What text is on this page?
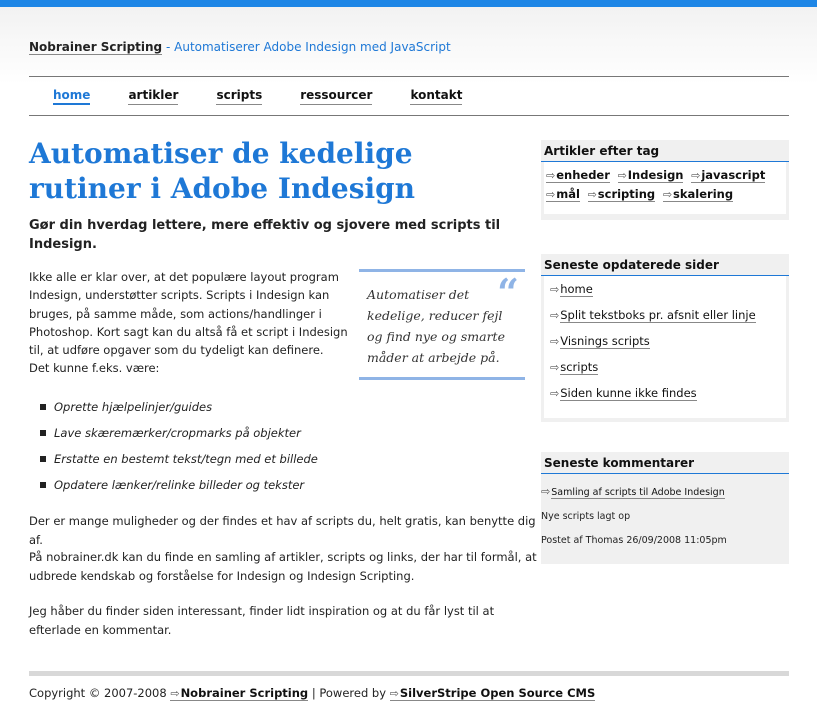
Nobrainer Scripting - Automatiserer Adobe Indesign med JavaScript
home	artikler	scripts	ressourcer	kontakt
Automatiser de kedelige rutiner i Adobe Indesign

Gør din hverdag lettere, mere effektiv og sjovere med scripts til Indesign.

“

Automatiser det kedelige, reducer fejl og find nye og smarte måder at arbejde på.

Ikke alle er klar over, at det populære layout program Indesign, understøtter scripts. Scripts i Indesign kan bruges, på samme måde, som actions/handlinger i Photoshop. Kort sagt kan du altså få et script i Indesign til, at udføre opgaver som du tydeligt kan definere.
Det kunne f.eks. være:
Oprette hjælpelinjer/guides
Lave skæremærker/cropmarks på objekter
Erstatte en bestemt tekst/tegn med et billede
Opdatere lænker/relinke billeder og tekster

Der er mange muligheder og der findes et hav af scripts du, helt gratis, kan benytte dig af.

På nobrainer.dk kan du finde en samling af artikler, scripts og links, der har til formål, at udbrede kendskab og forståelse for Indesign og Indesign Scripting.

Jeg håber du finder siden interessant, finder lidt inspiration og at du får lyst til at efterlade en kommentar.

Artikler efter tag
⇨enheder ⇨Indesign ⇨javascript ⇨mål ⇨scripting ⇨skalering
Seneste opdaterede sider
⇨home
⇨Split tekstboks pr. afsnit eller linje
⇨Visnings scripts
⇨scripts
⇨Siden kunne ikke findes
Seneste kommentarer
⇨Samling af scripts til Adobe Indesign
Nye scripts lagt op
Postet af Thomas 26/09/2008 11:05pm
Copyright © 2007-2008 ⇨Nobrainer Scripting | Powered by ⇨SilverStripe Open Source CMS
